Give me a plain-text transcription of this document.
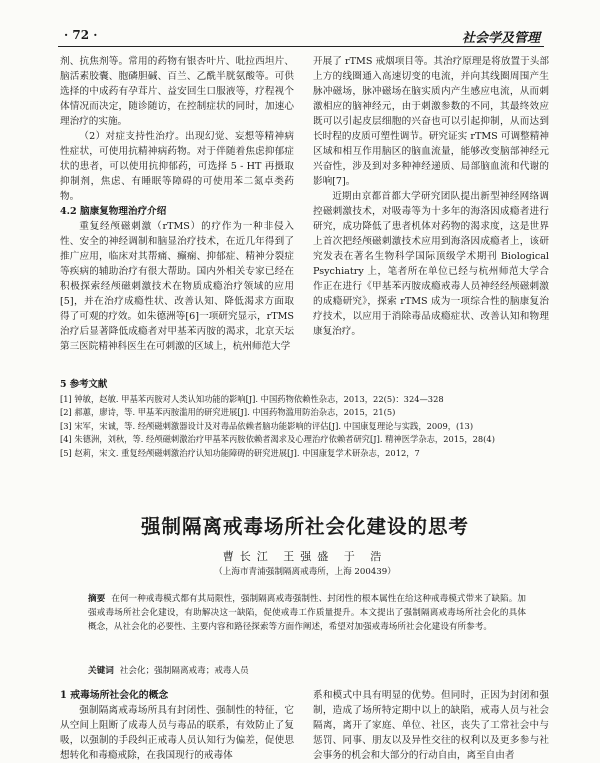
· 72 ·	社会学及管理

剂、抗焦剂等。常用的药物有银杏叶片、吡拉西坦片、脑活素胶囊、胞磷胆碱、百兰、乙酰半胱氨酸等。可供选择的中成药有孕茸片、益安回生口服液等，疗程视个体情况而决定，随诊随访，在控制症状的同时，加速心理治疗的实施。

（2）对症支持性治疗。出现幻觉、妄想等精神病性症状，可使用抗精神病药物。对于伴随着焦虑抑郁症状的患者，可以使用抗抑郁药，可选择 5 - HT 再摄取抑制剂，焦虑、有睡眠等障碍的可使用苯二氮卓类药物。

4.2 脑康复物理治疗介绍

重复经颅磁刺激（rTMS）的疗作为一种非侵入性、安全的神经调制和脑显治疗技术，在近几年得到了推广应用，临床对其帮痛、癫痫、抑郁症、精神分裂症等疾病的辅助治疗有很大帮助。国内外相关专家已经在积极探索经颅磁刺激技术在物质成瘾治疗领域的应用[5]，并在治疗成瘾性状、改善认知、降低渴求方面取得了可观的疗效。如朱德洲等[6]一项研究显示，rTMS 治疗后显著降低成瘾者对甲基苯丙胺的渴求，北京天坛第三医院精神科医生在可刺激的区域上，杭州师范大学

开展了 rTMS 戒烟项目等。其治疗原理是将放置于头部上方的线圈通入高速切变的电流，并向其线圈周围产生脉冲磁场，脉冲磁场在脑实质内产生感应电流，从而刺激相应的脑神经元，由于刺激参数的不同，其最终效应既可以引起皮层细胞的兴奋也可以引起抑制，从而达到长时程的皮质可塑性调节。研究证实 rTMS 可调整精神区域和相互作用脑区的脑血流量，能够改变脑部神经元兴奋性，涉及到对多种神经递质、局部脑血流和代谢的影响[7]。

近期由京都首都大学研究团队提出新型神经网络调控磁刺激技术，对吸毒等为十多年的海洛因成瘾者进行研究，成功降低了患者机体对药物的渴求度，这是世界上首次把经颅磁刺激技术应用到海洛因成瘾者上，该研究发表在著名生物科学国际顶级学术期刊 Biological Psychiatry 上，笔者所在单位已经与杭州师范大学合作正在进行《甲基苯丙胺成瘾戒毒人员神经经颅磁刺激的成瘾研究》，探索 rTMS 成为一项综合性的脑康复治疗技术，以应用于消除毒品成瘾症状、改善认知和物理康复治疗。

5 参考文献
[1] 钟敏，赵敏. 甲基苯丙胺对人类认知功能的影响[J]. 中国药物依赖性杂志，2013，22(5)：324—328
[2] 郝蕙，廖诗，等. 甲基苯丙胺滥用的研究进展[J]. 中国药物滥用防治杂志，2015，21(5)
[3] 宋军，宋诚，等. 经颅磁刺激器设计及对毒品依赖者脑功能影响的评估[J]. 中国康复理论与实践，2009，(13)
[4] 朱德洲，刘秋，等. 经颅磁刺激治疗甲基苯丙胺依赖者渴求及心理治疗依赖者研究[J]. 精神医学杂志，2015，28(4)
[5] 赵莉，宋文. 重复经颅磁刺激治疗认知功能障碍的研究进展[J]. 中国康复学术研杂志，2012，7
强制隔离戒毒场所社会化建设的思考
曹长江 王强盛 于 浩
（上海市青浦强制隔离戒毒所，上海 200439）
摘要 在何一种戒毒模式都有其局限性，强制隔离戒毒强制性、封闭性的根本属性在给这种戒毒模式带来了缺陷。加强戒毒场所社会化建设，有助解决这一缺陷，促使戒毒工作质量提升。本文提出了强制隔离戒毒场所社会化的具体概念，从社会化的必要性、主要内容和路径探索等方面作阐述，希望对加强戒毒场所社会化建设有所参考。
关键词 社会化；强制隔离戒毒；戒毒人员

1 戒毒场所社会化的概念

强制隔离戒毒场所具有封闭性、强制性的特征，它从空间上阻断了成毒人员与毒品的联系，有效防止了复吸，以强制的手段纠正戒毒人员认知行为偏差，促使思想转化和毒瘾戒除，在我国现行的戒毒体

系和模式中具有明显的优势。但同时，正因为封闭和强制，造成了场所特定期中以上的缺陷，戒毒人员与社会隔离，离开了家庭、单位、社区，丧失了工常社会中与惩罚、同事、朋友以及异性交往的权利以及更多参与社会事务的机会和大部分的行动自由，离至自由者
